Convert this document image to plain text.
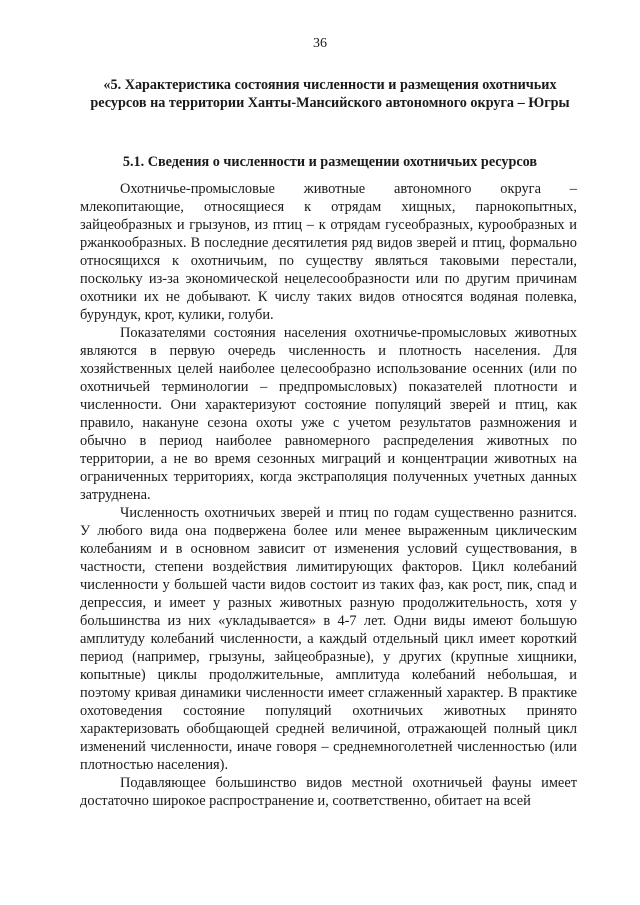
36
«5. Характеристика состояния численности и размещения охотничьих ресурсов на территории Ханты-Мансийского автономного округа – Югры
5.1. Сведения о численности и размещении охотничьих ресурсов

Охотничье-промысловые животные автономного округа – млекопитающие, относящиеся к отрядам хищных, парнокопытных, зайцеобразных и грызунов, из птиц – к отрядам гусеобразных, курообразных и ржанкообразных. В последние десятилетия ряд видов зверей и птиц, формально относящихся к охотничьим, по существу являться таковыми перестали, поскольку из-за экономической нецелесообразности или по другим причинам охотники их не добывают. К числу таких видов относятся водяная полевка, бурундук, крот, кулики, голуби.

Показателями состояния населения охотничье-промысловых животных являются в первую очередь численность и плотность населения. Для хозяйственных целей наиболее целесообразно использование осенних (или по охотничьей терминологии – предпромысловых) показателей плотности и численности. Они характеризуют состояние популяций зверей и птиц, как правило, накануне сезона охоты уже с учетом результатов размножения и обычно в период наиболее равномерного распределения животных по территории, а не во время сезонных миграций и концентрации животных на ограниченных территориях, когда экстраполяция полученных учетных данных затруднена.

Численность охотничьих зверей и птиц по годам существенно разнится. У любого вида она подвержена более или менее выраженным циклическим колебаниям и в основном зависит от изменения условий существования, в частности, степени воздействия лимитирующих факторов. Цикл колебаний численности у большей части видов состоит из таких фаз, как рост, пик, спад и депрессия, и имеет у разных животных разную продолжительность, хотя у большинства из них «укладывается» в 4-7 лет. Одни виды имеют большую амплитуду колебаний численности, а каждый отдельный цикл имеет короткий период (например, грызуны, зайцеобразные), у других (крупные хищники, копытные) циклы продолжительные, амплитуда колебаний небольшая, и поэтому кривая динамики численности имеет сглаженный характер. В практике охотоведения состояние популяций охотничьих животных принято характеризовать обобщающей средней величиной, отражающей полный цикл изменений численности, иначе говоря – среднемноголетней численностью (или плотностью населения).

Подавляющее большинство видов местной охотничьей фауны имеет достаточно широкое распространение и, соответственно, обитает на всей
